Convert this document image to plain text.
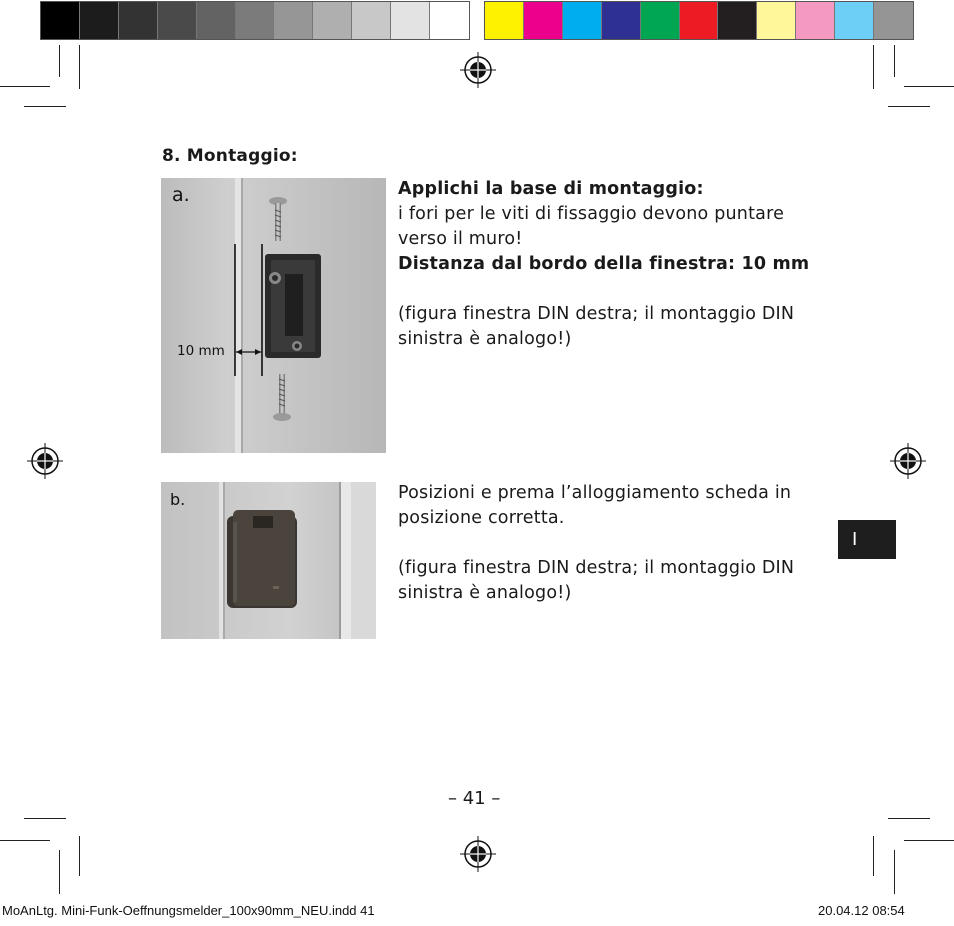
8. Montaggio:
a.
10 mm

Applichi la base di montaggio:

i fori per le viti di fissaggio devono puntare

verso il muro!

Distanza dal bordo della finestra: 10 mm

(figura finestra DIN destra; il montaggio DIN

sinistra è analogo!)

b.	Posizioni e prema l’alloggiamento scheda in

posizione corretta.

(figura finestra DIN destra; il montaggio DIN

sinistra è analogo!)

I
– 41 –
MoAnLtg. Mini-Funk-Oeffnungsmelder_100x90mm_NEU.indd 41	20.04.12 08:54
